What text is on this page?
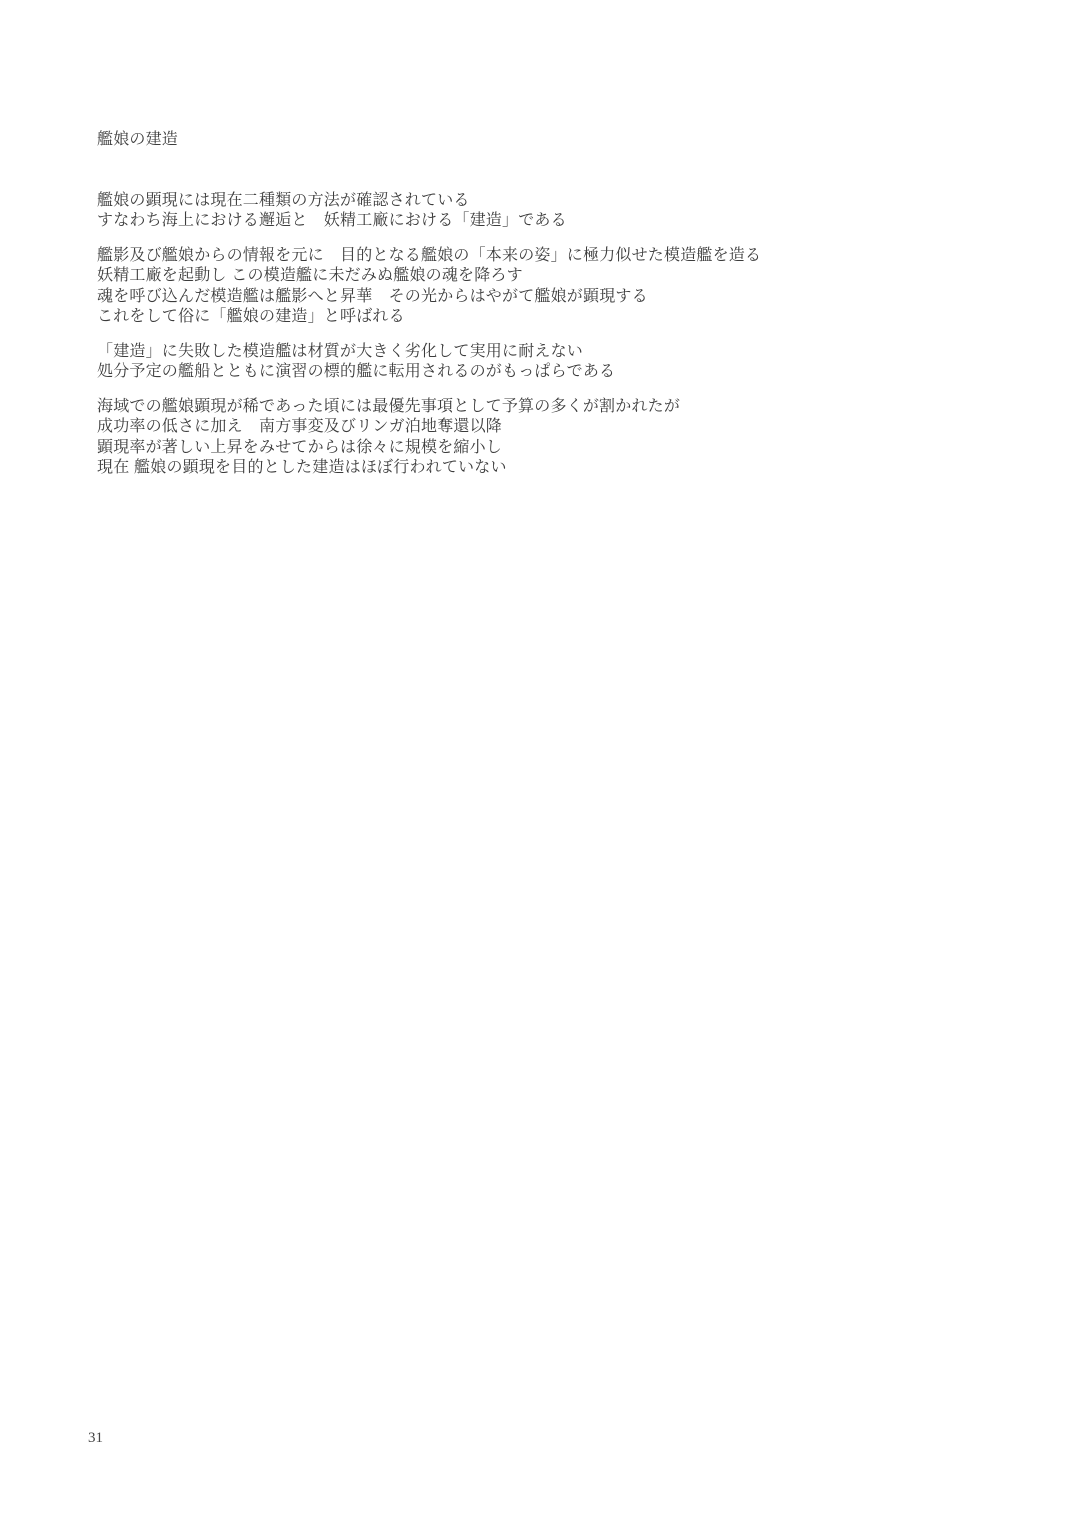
艦娘の建造
艦娘の顕現には現在二種類の方法が確認されている
すなわち海上における邂逅と　妖精工廠における「建造」である
艦影及び艦娘からの情報を元に　目的となる艦娘の「本来の姿」に極力似せた模造艦を造る
妖精工廠を起動し この模造艦に未だみぬ艦娘の魂を降ろす
魂を呼び込んだ模造艦は艦影へと昇華　その光からはやがて艦娘が顕現する
これをして俗に「艦娘の建造」と呼ばれる
「建造」に失敗した模造艦は材質が大きく劣化して実用に耐えない
処分予定の艦船とともに演習の標的艦に転用されるのがもっぱらである
海域での艦娘顕現が稀であった頃には最優先事項として予算の多くが割かれたが
成功率の低さに加え　南方事変及びリンガ泊地奪還以降
顕現率が著しい上昇をみせてからは徐々に規模を縮小し
現在 艦娘の顕現を目的とした建造はほぼ行われていない
31
